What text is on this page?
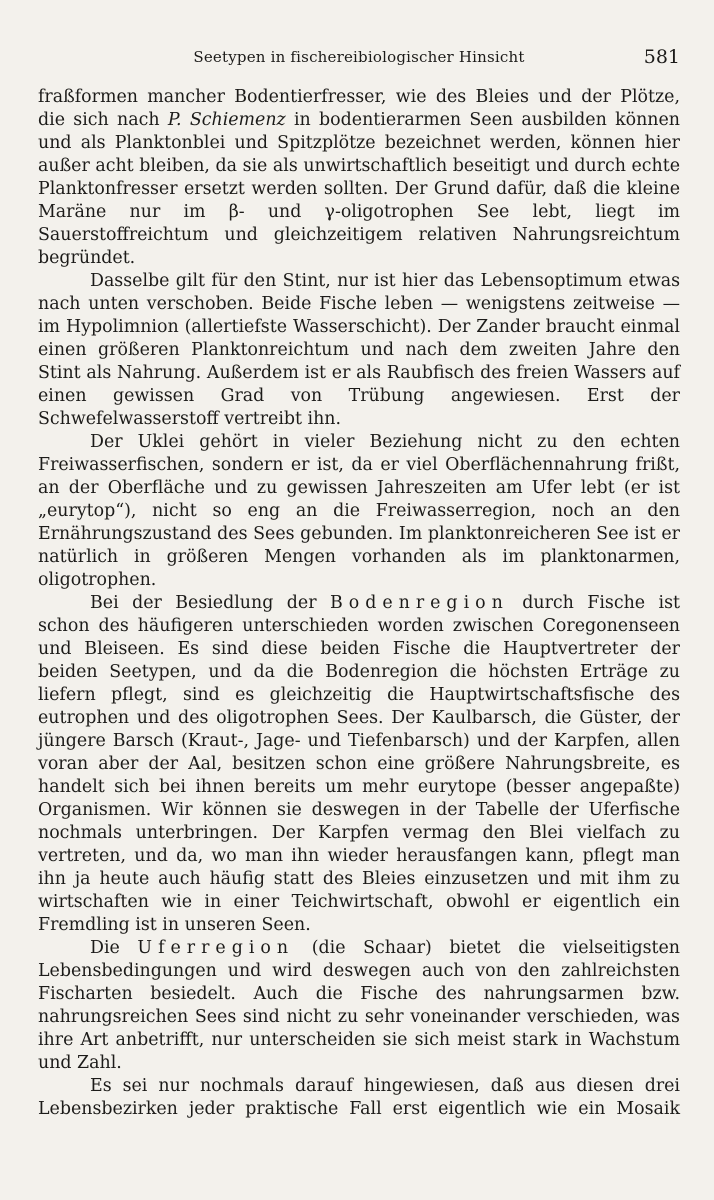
Seetypen in fischereibiologischer Hinsicht	581

fraßformen mancher Bodentierfresser, wie des Bleies und der Plötze, die sich nach P. Schiemenz in bodentierarmen Seen ausbilden können und als Planktonblei und Spitzplötze bezeichnet werden, können hier außer acht bleiben, da sie als unwirtschaftlich beseitigt und durch echte Planktonfresser ersetzt werden sollten. Der Grund dafür, daß die kleine Maräne nur im β- und γ-oligotrophen See lebt, liegt im Sauerstoffreichtum und gleichzeitigem relativen Nahrungsreichtum begründet.

Dasselbe gilt für den Stint, nur ist hier das Lebensoptimum etwas nach unten verschoben. Beide Fische leben — wenigstens zeitweise — im Hypolimnion (allertiefste Wasserschicht). Der Zander braucht einmal einen größeren Planktonreichtum und nach dem zweiten Jahre den Stint als Nahrung. Außerdem ist er als Raubfisch des freien Wassers auf einen gewissen Grad von Trübung angewiesen. Erst der Schwefelwasserstoff vertreibt ihn.

Der Uklei gehört in vieler Beziehung nicht zu den echten Freiwasserfischen, sondern er ist, da er viel Oberflächennahrung frißt, an der Oberfläche und zu gewissen Jahreszeiten am Ufer lebt (er ist „eurytop“), nicht so eng an die Freiwasserregion, noch an den Ernährungszustand des Sees gebunden. Im planktonreicheren See ist er natürlich in größeren Mengen vorhanden als im planktonarmen, oligotrophen.

Bei der Besiedlung der Bodenregion durch Fische ist schon des häufigeren unterschieden worden zwischen Coregonenseen und Bleiseen. Es sind diese beiden Fische die Hauptvertreter der beiden Seetypen, und da die Bodenregion die höchsten Erträge zu liefern pflegt, sind es gleichzeitig die Hauptwirtschaftsfische des eutrophen und des oligotrophen Sees. Der Kaulbarsch, die Güster, der jüngere Barsch (Kraut-, Jage- und Tiefenbarsch) und der Karpfen, allen voran aber der Aal, besitzen schon eine größere Nahrungsbreite, es handelt sich bei ihnen bereits um mehr eurytope (besser angepaßte) Organismen. Wir können sie deswegen in der Tabelle der Uferfische nochmals unterbringen. Der Karpfen vermag den Blei vielfach zu vertreten, und da, wo man ihn wieder herausfangen kann, pflegt man ihn ja heute auch häufig statt des Bleies einzusetzen und mit ihm zu wirtschaften wie in einer Teichwirtschaft, obwohl er eigentlich ein Fremdling ist in unseren Seen.

Die Uferregion (die Schaar) bietet die vielseitigsten Lebensbedingungen und wird deswegen auch von den zahlreichsten Fischarten besiedelt. Auch die Fische des nahrungsarmen bzw. nahrungsreichen Sees sind nicht zu sehr voneinander verschieden, was ihre Art anbetrifft, nur unterscheiden sie sich meist stark in Wachstum und Zahl.

Es sei nur nochmals darauf hingewiesen, daß aus diesen drei Lebensbezirken jeder praktische Fall erst eigentlich wie ein Mosaik
